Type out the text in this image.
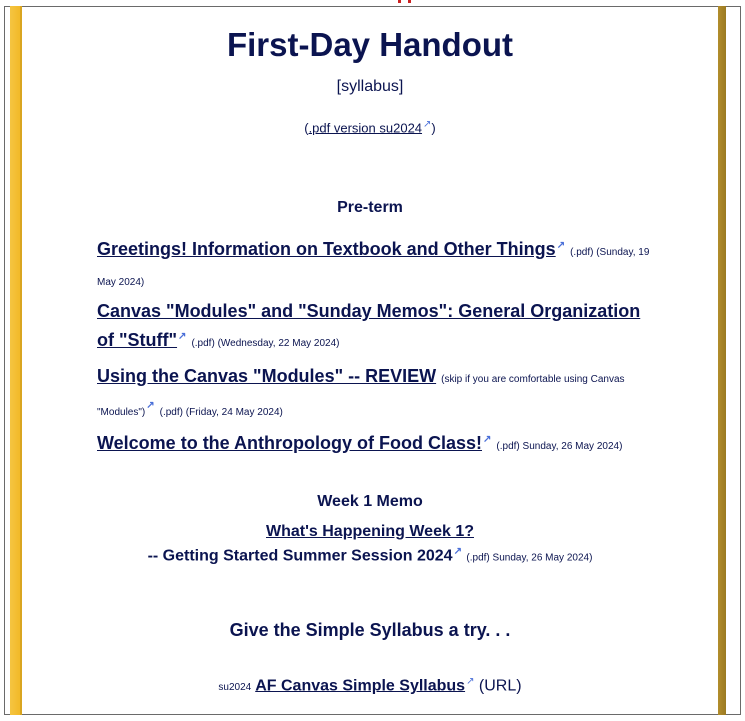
First-Day Handout
[syllabus]
(.pdf version su2024↗)
Pre-term
Greetings! Information on Textbook and Other Things↗ (.pdf) (Sunday, 19 May 2024)
Canvas "Modules" and "Sunday Memos": General Organization of "Stuff"↗ (.pdf) (Wednesday, 22 May 2024)
Using the Canvas "Modules" -- REVIEW (skip if you are comfortable using Canvas "Modules")↗ (.pdf) (Friday, 24 May 2024)
Welcome to the Anthropology of Food Class!↗ (.pdf) Sunday, 26 May 2024)
Week 1 Memo
What's Happening Week 1?
-- Getting Started Summer Session 2024↗ (.pdf) Sunday, 26 May 2024)
Give the Simple Syllabus a try. . .
su2024 AF Canvas Simple Syllabus↗ (URL)
